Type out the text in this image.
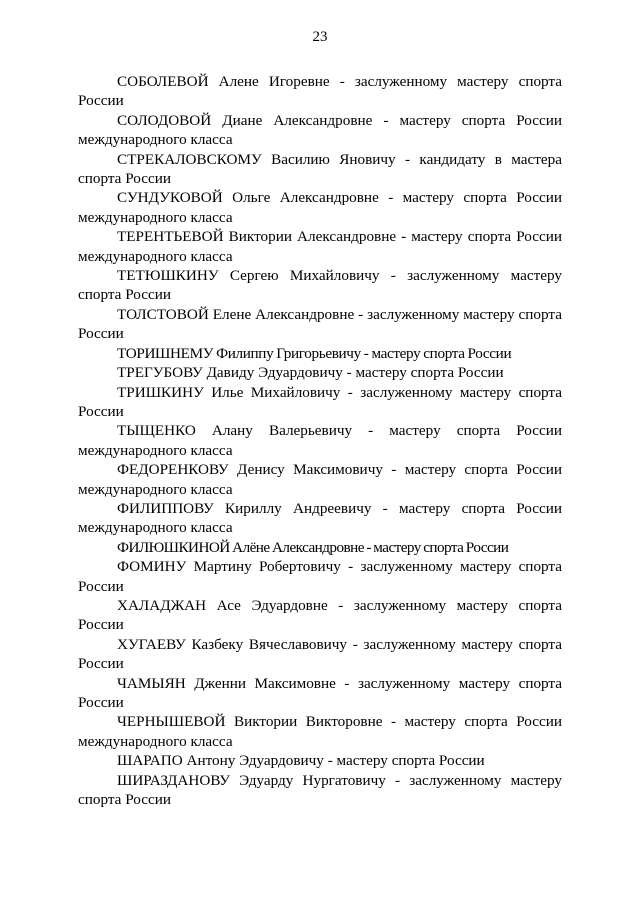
23

СОБОЛЕВОЙ Алене Игоревне - заслуженному мастеру спорта России

СОЛОДОВОЙ Диане Александровне - мастеру спорта России международного класса

СТРЕКАЛОВСКОМУ Василию Яновичу - кандидату в мастера спорта России

СУНДУКОВОЙ Ольге Александровне - мастеру спорта России международного класса

ТЕРЕНТЬЕВОЙ Виктории Александровне - мастеру спорта России международного класса

ТЕТЮШКИНУ Сергею Михайловичу - заслуженному мастеру спорта России

ТОЛСТОВОЙ Елене Александровне - заслуженному мастеру спорта России

ТОРИШНЕМУ Филиппу Григорьевичу - мастеру спорта России

ТРЕГУБОВУ Давиду Эдуардовичу - мастеру спорта России

ТРИШКИНУ Илье Михайловичу - заслуженному мастеру спорта России

ТЫЩЕНКО Алану Валерьевичу - мастеру спорта России международного класса

ФЕДОРЕНКОВУ Денису Максимовичу - мастеру спорта России международного класса

ФИЛИППОВУ Кириллу Андреевичу - мастеру спорта России международного класса

ФИЛЮШКИНОЙ Алёне Александровне - мастеру спорта России

ФОМИНУ Мартину Робертовичу - заслуженному мастеру спорта России

ХАЛАДЖАН Асе Эдуардовне - заслуженному мастеру спорта России

ХУГАЕВУ Казбеку Вячеславовичу - заслуженному мастеру спорта России

ЧАМЫЯН Дженни Максимовне - заслуженному мастеру спорта России

ЧЕРНЫШЕВОЙ Виктории Викторовне - мастеру спорта России международного класса

ШАРАПО Антону Эдуардовичу - мастеру спорта России

ШИРАЗДАНОВУ Эдуарду Нургатовичу - заслуженному мастеру спорта России
